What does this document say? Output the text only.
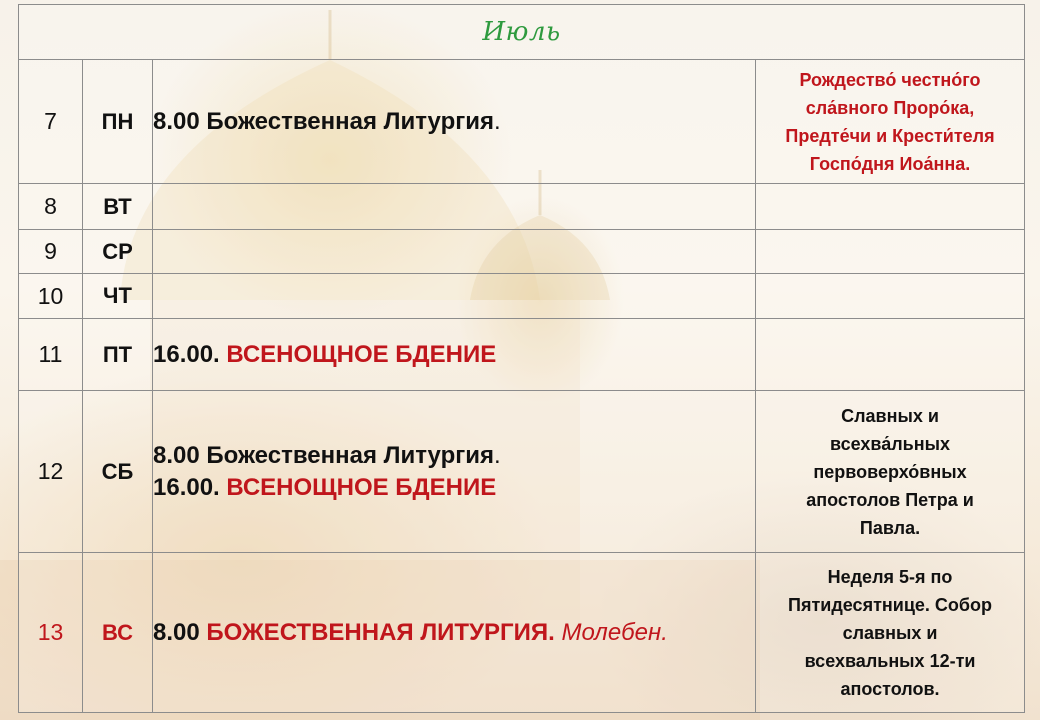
Июль			
7	ПН	8.00 Божественная Литургия.	Рождество́ честно́го
сла́вного Проро́ка,
Предте́чи и Крести́теля
Госпо́дня Иоа́нна.

8	ВТ		
9	СР		
10	ЧТ		
11	ПТ	16.00. ВСЕНОЩНОЕ БДЕНИЕ	

12	СБ	8.00 Божественная Литургия.
16.00. ВСЕНОЩНОЕ БДЕНИЕ	Славных и
всехва́льных
первоверхо́вных
апостолов Петра и
Павла.

13	ВС	8.00 БОЖЕСТВЕННАЯ ЛИТУРГИЯ. Молебен.	Неделя 5-я по
Пятидесятнице. Собор
славных и
всехвальных 12-ти
апостолов.
